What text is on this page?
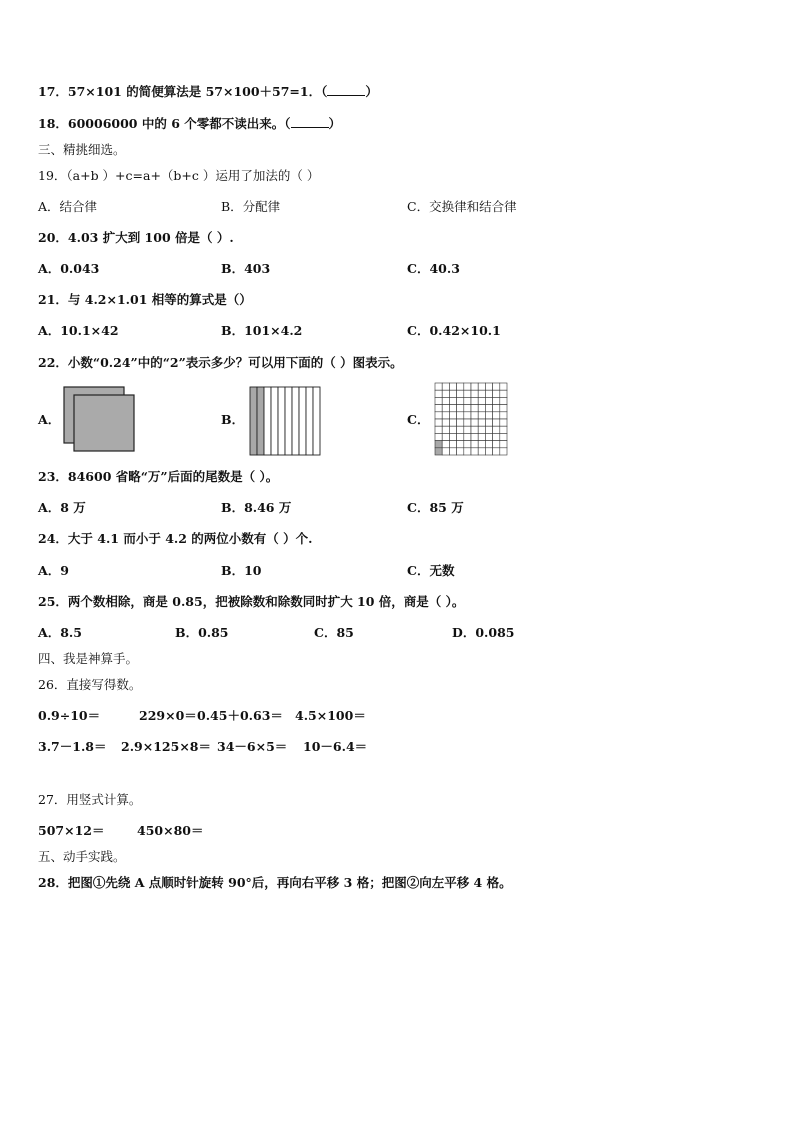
17．57×101 的简便算法是 57×100＋57=1．（	）
18．60006000 中的 6 个零都不读出来。（	）
三、精挑细选。
19．（a+b ）+c=a+（b+c ）运用了加法的（ ）
A．结合律	B．分配律	C．交换律和结合律
20．4.03 扩大到 100 倍是（ ）.
A．0.043	B．403	C．40.3
21．与 4.2×1.01 相等的算式是（）
A．10.1×42	B．101×4.2	C．0.42×10.1
22．小数“0.24”中的“2”表示多少？可以用下面的（ ）图表示。
A．	B．	C．
23．84600 省略“万”后面的尾数是（ ）。
A．8 万	B．8.46 万	C．85 万
24．大于 4.1 而小于 4.2 的两位小数有（ ）个.
A．9	B．10	C．无数
25．两个数相除，商是 0.85，把被除数和除数同时扩大 10 倍，商是（ ）。
A．8.5	B．0.85	C．85	D．0.085
四、我是神算手。
26．直接写得数。
0.9÷10＝	229×0＝ 0.45＋0.63＝ 4.5×100＝
3.7－1.8＝ 2.9×125×8＝ 34－6×5＝ 10－6.4＝
27．用竖式计算。
507×12＝	450×80＝
五、动手实践。
28．把图①先绕 A 点顺时针旋转 90°后，再向右平移 3 格；把图②向左平移 4 格。
